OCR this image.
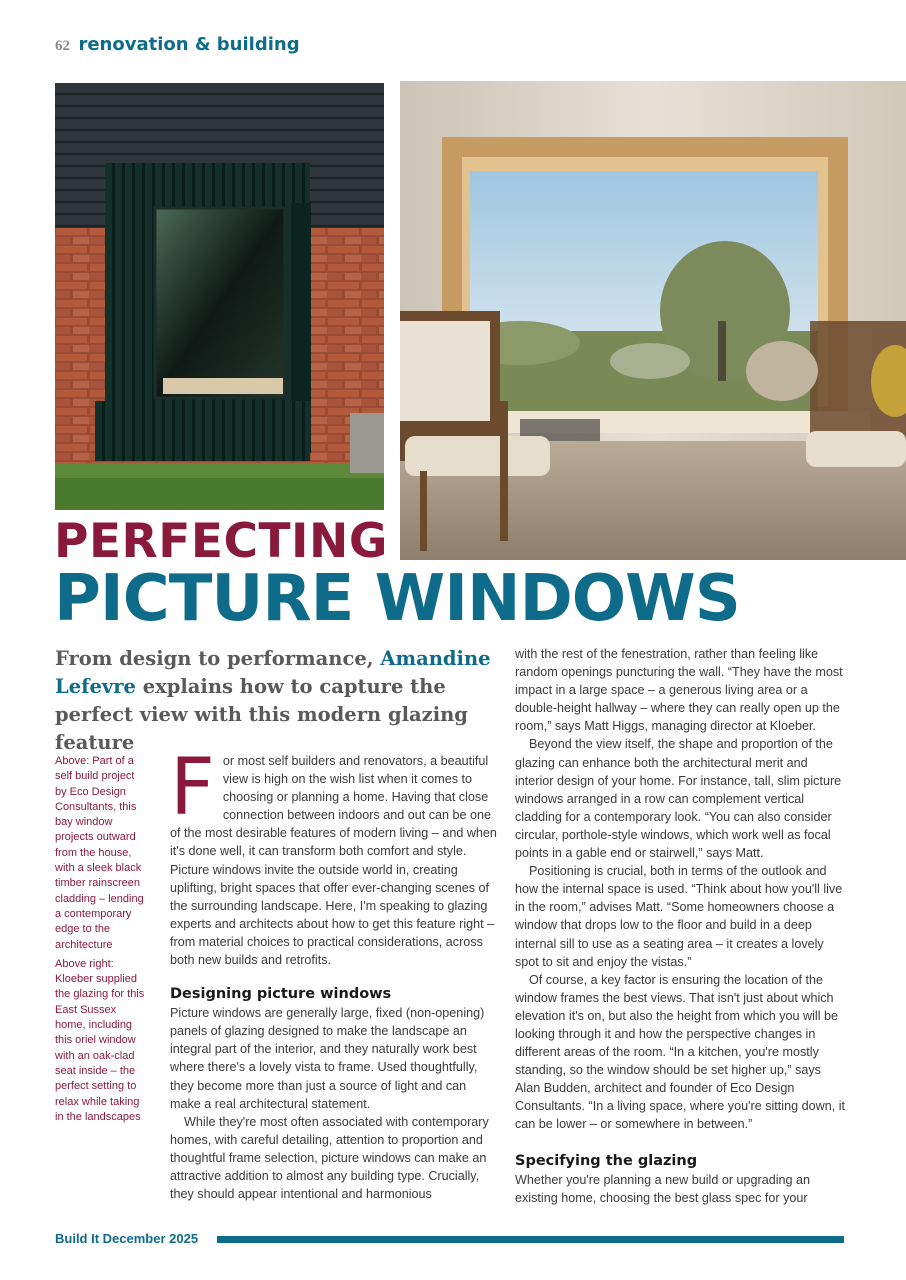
62 renovation & building
PERFECTING
PICTURE WINDOWS
From design to performance, Amandine Lefevre explains how to capture the perfect view with this modern glazing feature

Above: Part of a self build project by Eco Design Consultants, this bay window projects outward from the house, with a sleek black timber rainscreen cladding – lending a contemporary edge to the architecture

Above right: Kloeber supplied the glazing for this East Sussex home, including this oriel window with an oak-clad seat inside – the perfect setting to relax while taking in the landscapes

For most self builders and renovators, a beautiful view is high on the wish list when it comes to choosing or planning a home. Having that close connection between indoors and out can be one of the most desirable features of modern living – and when it's done well, it can transform both comfort and style. Picture windows invite the outside world in, creating uplifting, bright spaces that offer ever-changing scenes of the surrounding landscape. Here, I'm speaking to glazing experts and architects about how to get this feature right – from material choices to practical considerations, across both new builds and retrofits.

Designing picture windows

Picture windows are generally large, fixed (non-opening) panels of glazing designed to make the landscape an integral part of the interior, and they naturally work best where there's a lovely vista to frame. Used thoughtfully, they become more than just a source of light and can make a real architectural statement.

While they're most often associated with contemporary homes, with careful detailing, attention to proportion and thoughtful frame selection, picture windows can make an attractive addition to almost any building type. Crucially, they should appear intentional and harmonious

with the rest of the fenestration, rather than feeling like random openings puncturing the wall. “They have the most impact in a large space – a generous living area or a double-height hallway – where they can really open up the room,” says Matt Higgs, managing director at Kloeber.

Beyond the view itself, the shape and proportion of the glazing can enhance both the architectural merit and interior design of your home. For instance, tall, slim picture windows arranged in a row can complement vertical cladding for a contemporary look. “You can also consider circular, porthole-style windows, which work well as focal points in a gable end or stairwell,” says Matt.

Positioning is crucial, both in terms of the outlook and how the internal space is used. “Think about how you'll live in the room,” advises Matt. “Some homeowners choose a window that drops low to the floor and build in a deep internal sill to use as a seating area – it creates a lovely spot to sit and enjoy the vistas.”

Of course, a key factor is ensuring the location of the window frames the best views. That isn't just about which elevation it's on, but also the height from which you will be looking through it and how the perspective changes in different areas of the room. “In a kitchen, you're mostly standing, so the window should be set higher up,” says Alan Budden, architect and founder of Eco Design Consultants. “In a living space, where you're sitting down, it can be lower – or somewhere in between.”

Specifying the glazing

Whether you're planning a new build or upgrading an existing home, choosing the best glass spec for your

Build It December 2025
